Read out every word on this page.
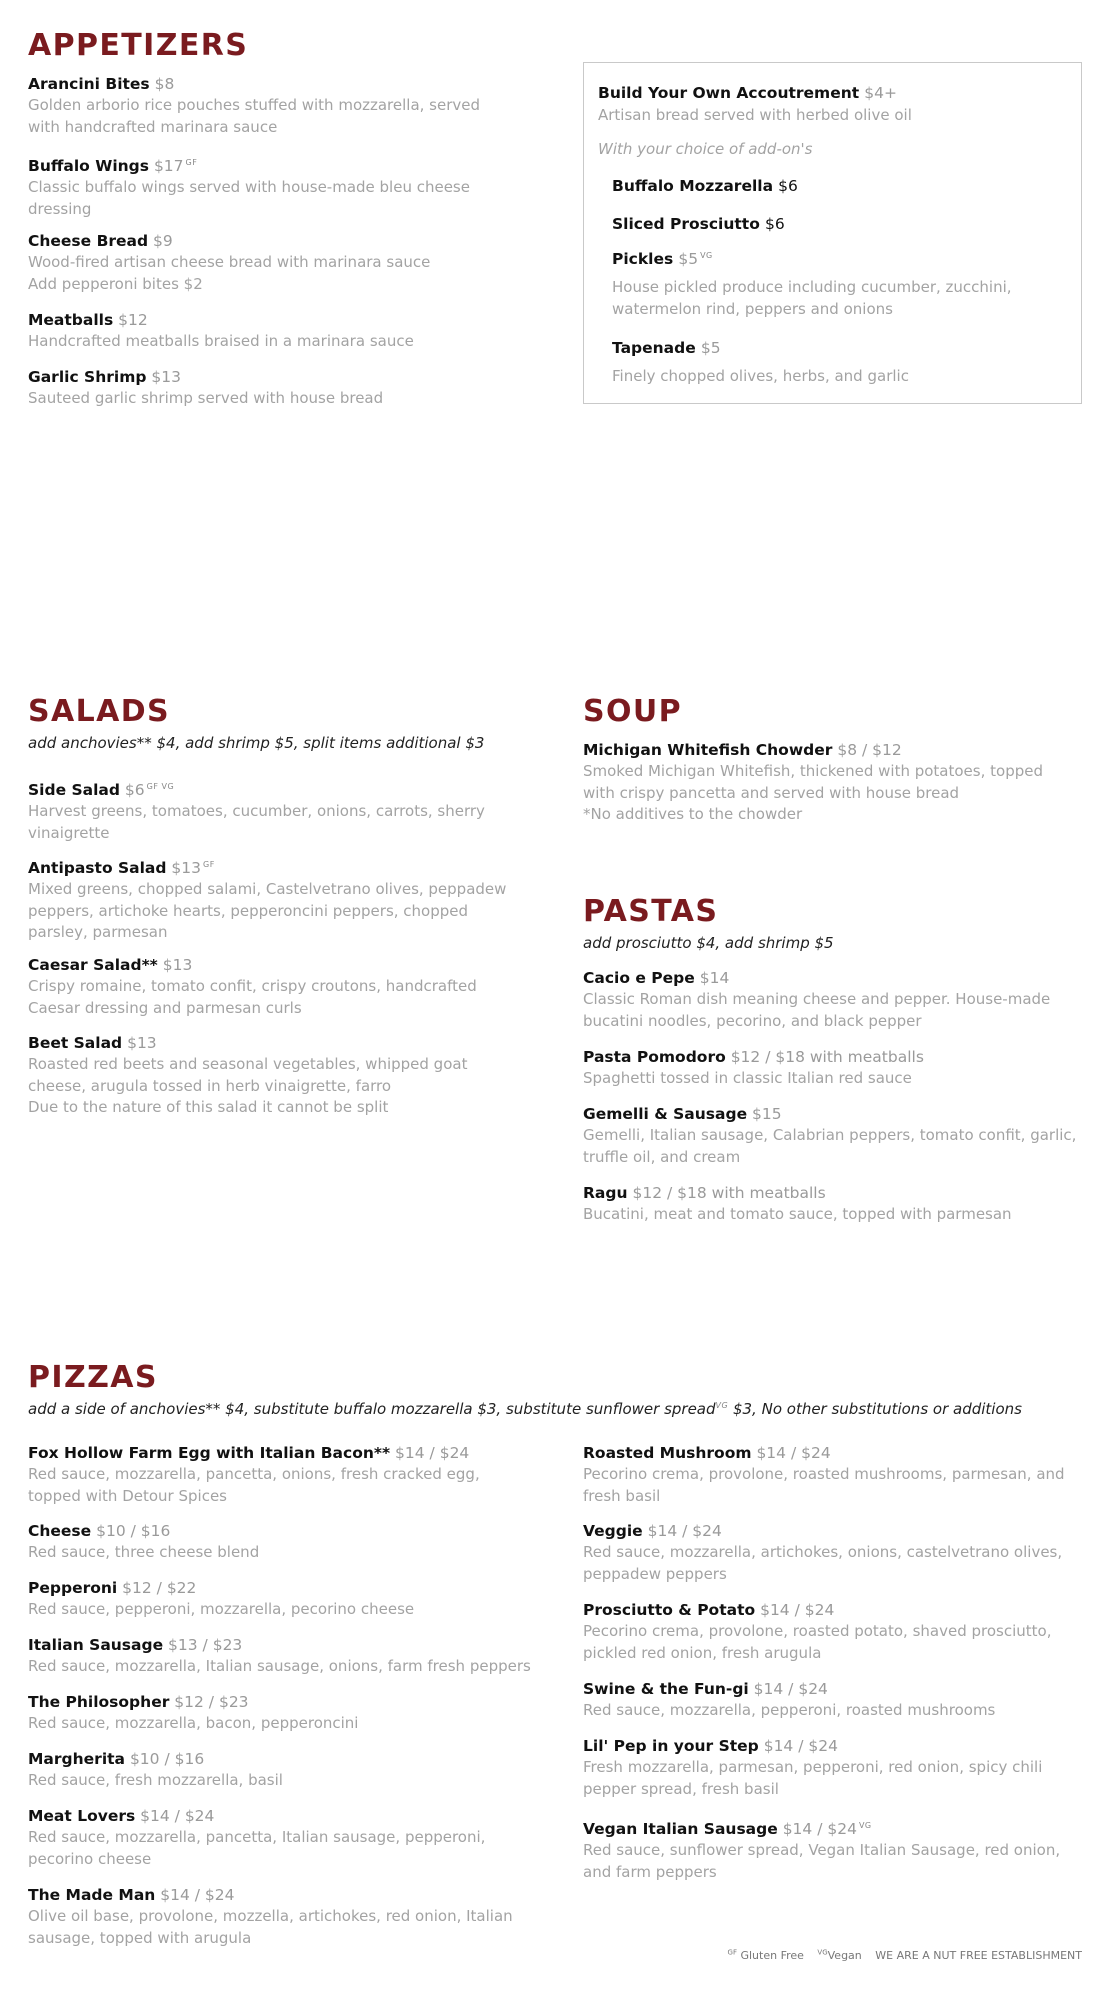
APPETIZERS
Arancini Bites $8

Golden arborio rice pouches stuffed with mozzarella, served

with handcrafted marinara sauce

Buffalo Wings $17 $^{GF}$

Classic buffalo wings served with house-made bleu cheese

dressing

Cheese Bread $9

Wood-fired artisan cheese bread with marinara sauce

Add pepperoni bites $2

Meatballs $12

Handcrafted meatballs braised in a marinara sauce

Garlic Shrimp $13

Sauteed garlic shrimp served with house bread

Build Your Own Accoutrement $4+
Artisan bread served with herbed olive oil
With your choice of add-on's
Buffalo Mozzarella $6
Sliced Prosciutto $6
Pickles $5 $^{VG}$

House pickled produce including cucumber, zucchini,

watermelon rind, peppers and onions

Tapenade $5

Finely chopped olives, herbs, and garlic

SALADS

add anchovies** $4, add shrimp $5, split items additional $3

Side Salad $6 $^{GF VG}$

Harvest greens, tomatoes, cucumber, onions, carrots, sherry

vinaigrette

Antipasto Salad $13 $^{GF}$

Mixed greens, chopped salami, Castelvetrano olives, peppadew

peppers, artichoke hearts, pepperoncini peppers, chopped

parsley, parmesan

Caesar Salad** $13

Crispy romaine, tomato confit, crispy croutons, handcrafted

Caesar dressing and parmesan curls

Beet Salad $13

Roasted red beets and seasonal vegetables, whipped goat

cheese, arugula tossed in herb vinaigrette, farro

Due to the nature of this salad it cannot be split

SOUP
Michigan Whitefish Chowder $8 / $12

Smoked Michigan Whitefish, thickened with potatoes, topped

with crispy pancetta and served with house bread

*No additives to the chowder

PASTAS

add prosciutto $4, add shrimp $5

Cacio e Pepe $14

Classic Roman dish meaning cheese and pepper. House-made

bucatini noodles, pecorino, and black pepper

Pasta Pomodoro $12 / $18 with meatballs

Spaghetti tossed in classic Italian red sauce

Gemelli & Sausage $15

Gemelli, Italian sausage, Calabrian peppers, tomato confit, garlic,

truffle oil, and cream

Ragu $12 / $18 with meatballs

Bucatini, meat and tomato sauce, topped with parmesan

PIZZAS

add a side of anchovies** $4, substitute buffalo mozzarella $3, substitute sunflower spread$^{VG}$ $3, No other substitutions or additions

Fox Hollow Farm Egg with Italian Bacon** $14 / $24

Red sauce, mozzarella, pancetta, onions, fresh cracked egg,

topped with Detour Spices

Cheese $10 / $16

Red sauce, three cheese blend

Pepperoni $12 / $22

Red sauce, pepperoni, mozzarella, pecorino cheese

Italian Sausage $13 / $23

Red sauce, mozzarella, Italian sausage, onions, farm fresh peppers

The Philosopher $12 / $23

Red sauce, mozzarella, bacon, pepperoncini

Margherita $10 / $16

Red sauce, fresh mozzarella, basil

Meat Lovers $14 / $24

Red sauce, mozzarella, pancetta, Italian sausage, pepperoni,

pecorino cheese

The Made Man $14 / $24

Olive oil base, provolone, mozzella, artichokes, red onion, Italian

sausage, topped with arugula

Roasted Mushroom $14 / $24

Pecorino crema, provolone, roasted mushrooms, parmesan, and

fresh basil

Veggie $14 / $24

Red sauce, mozzarella, artichokes, onions, castelvetrano olives,

peppadew peppers

Prosciutto & Potato $14 / $24

Pecorino crema, provolone, roasted potato, shaved prosciutto,

pickled red onion, fresh arugula

Swine & the Fun-gi $14 / $24

Red sauce, mozzarella, pepperoni, roasted mushrooms

Lil' Pep in your Step $14 / $24

Fresh mozzarella, parmesan, pepperoni, red onion, spicy chili

pepper spread, fresh basil

Vegan Italian Sausage $14 / $24 $^{VG}$

Red sauce, sunflower spread, Vegan Italian Sausage, red onion,

and farm peppers

$^{GF}$ Gluten Free $^{VG}$Vegan WE ARE A NUT FREE ESTABLISHMENT
